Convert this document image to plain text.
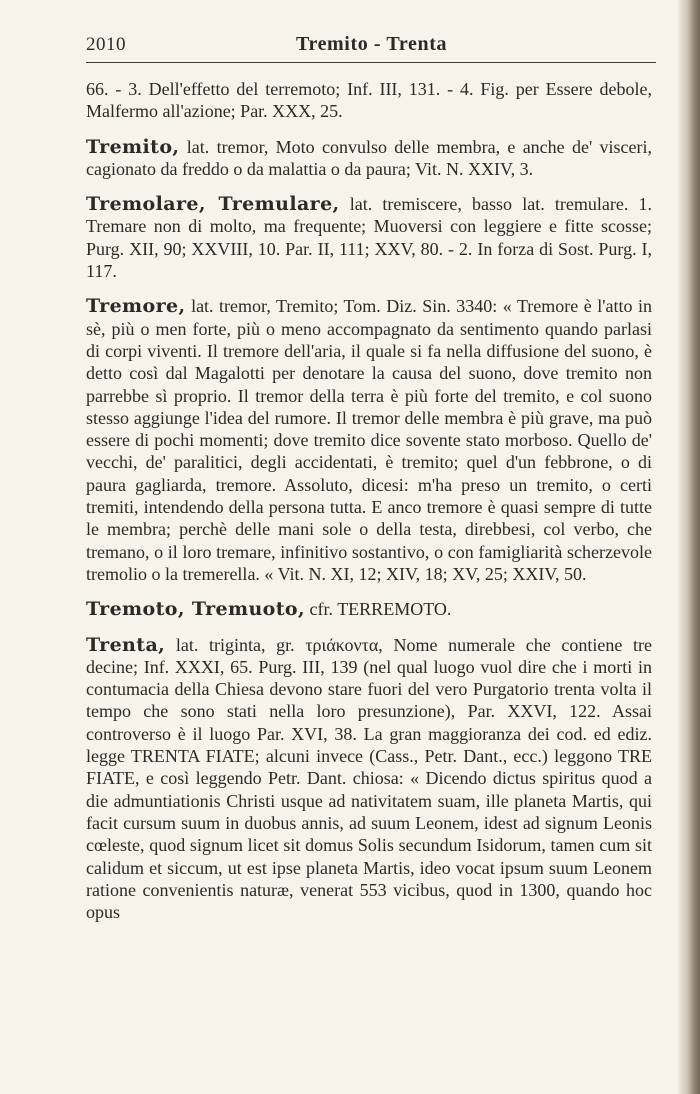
2010	Tremito - Trenta

66. - 3. Dell'effetto del terremoto; Inf. III, 131. - 4. Fig. per Essere debole, Malfermo all'azione; Par. XXX, 25.

Tremito, lat. tremor, Moto convulso delle membra, e anche de' visceri, cagionato da freddo o da malattia o da paura; Vit. N. XXIV, 3.

Tremolare, Tremulare, lat. tremiscere, basso lat. tremulare. 1. Tremare non di molto, ma frequente; Muoversi con leggiere e fitte scosse; Purg. XII, 90; XXVIII, 10. Par. II, 111; XXV, 80. - 2. In forza di Sost. Purg. I, 117.

Tremore, lat. tremor, Tremito; Tom. Diz. Sin. 3340: « Tremore è l'atto in sè, più o men forte, più o meno accompagnato da sentimento quando parlasi di corpi viventi. Il tremore dell'aria, il quale si fa nella diffusione del suono, è detto così dal Magalotti per denotare la causa del suono, dove tremito non parrebbe sì proprio. Il tremor della terra è più forte del tremito, e col suono stesso aggiunge l'idea del rumore. Il tremor delle membra è più grave, ma può essere di pochi momenti; dove tremito dice sovente stato morboso. Quello de' vecchi, de' paralitici, degli accidentati, è tremito; quel d'un febbrone, o di paura gagliarda, tremore. Assoluto, dicesi: m'ha preso un tremito, o certi tremiti, intendendo della persona tutta. E anco tremore è quasi sempre di tutte le membra; perchè delle mani sole o della testa, direbbesi, col verbo, che tremano, o il loro tremare, infinitivo sostantivo, o con famigliarità scherzevole tremolio o la tremerella. « Vit. N. XI, 12; XIV, 18; XV, 25; XXIV, 50.

Tremoto, Tremuoto, cfr. TERREMOTO.

Trenta, lat. triginta, gr. τριάκοντα, Nome numerale che contiene tre decine; Inf. XXXI, 65. Purg. III, 139 (nel qual luogo vuol dire che i morti in contumacia della Chiesa devono stare fuori del vero Purgatorio trenta volta il tempo che sono stati nella loro presunzione), Par. XXVI, 122. Assai controverso è il luogo Par. XVI, 38. La gran maggioranza dei cod. ed ediz. legge TRENTA FIATE; alcuni invece (Cass., Petr. Dant., ecc.) leggono TRE FIATE, e così leggendo Petr. Dant. chiosa: « Dicendo dictus spiritus quod a die admuntiationis Christi usque ad nativitatem suam, ille planeta Martis, qui facit cursum suum in duobus annis, ad suum Leonem, idest ad signum Leonis cœleste, quod signum licet sit domus Solis secundum Isidorum, tamen cum sit calidum et siccum, ut est ipse planeta Martis, ideo vocat ipsum suum Leonem ratione convenientis naturæ, venerat 553 vicibus, quod in 1300, quando hoc opus
